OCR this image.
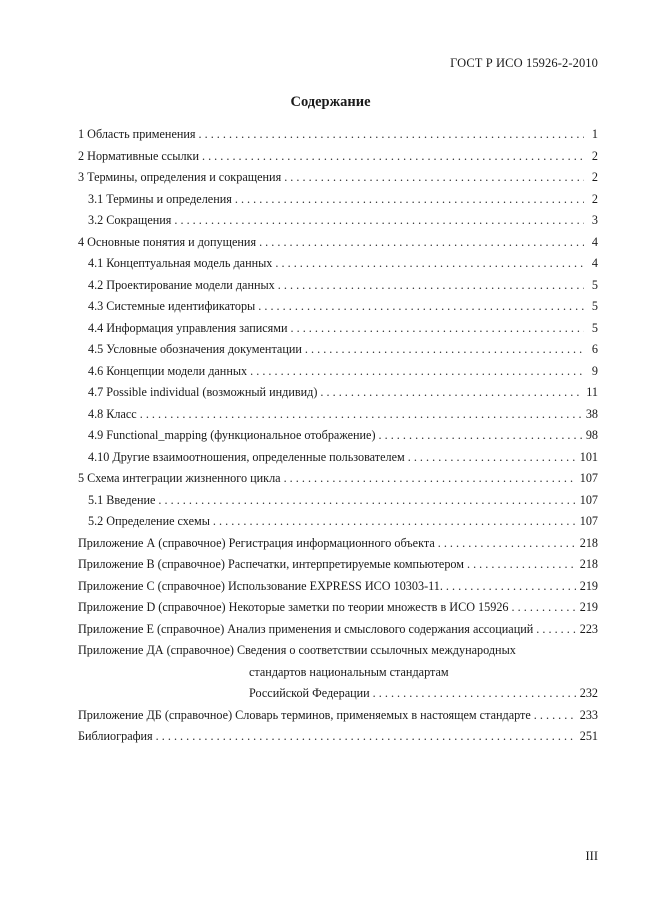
ГОСТ Р ИСО 15926-2-2010
Содержание
1 Область применения . . .	1
2 Нормативные ссылки . . .	2
3 Термины, определения и сокращения . . .	2
3.1 Термины и определения . . .	2
3.2 Сокращения . . .	3
4 Основные понятия и допущения . . .	4
4.1 Концептуальная модель данных . . .	4
4.2 Проектирование модели данных . . .	5
4.3 Системные идентификаторы . . .	5
4.4 Информация управления записями . . .	5
4.5 Условные обозначения документации . . .	6
4.6 Концепции модели данных . . .	9
4.7 Possible individual (возможный индивид) . . .	11
4.8 Класс . . .	38
4.9 Functional_mapping (функциональное отображение) . . .	98
4.10 Другие взаимоотношения, определенные пользователем . . .	101
5 Схема интеграции жизненного цикла . . .	107
5.1 Введение . . .	107
5.2 Определение схемы . . .	107
Приложение А (справочное) Регистрация информационного объекта . . .	218
Приложение В (справочное) Распечатки, интерпретируемые компьютером . . .	218
Приложение С (справочное) Использование EXPRESS ИСО 10303-11. . . .	219
Приложение D (справочное) Некоторые заметки по теории множеств в ИСО 15926 . . .	219
Приложение Е (справочное) Анализ применения и смыслового содержания ассоциаций . . .	223
Приложение ДА (справочное) Сведения о соответствии ссылочных международных
стандартов национальным стандартам
Российской Федерации . . .	232
Приложение ДБ (справочное) Словарь терминов, применяемых в настоящем стандарте . . .	233
Библиография . . .	251
III
